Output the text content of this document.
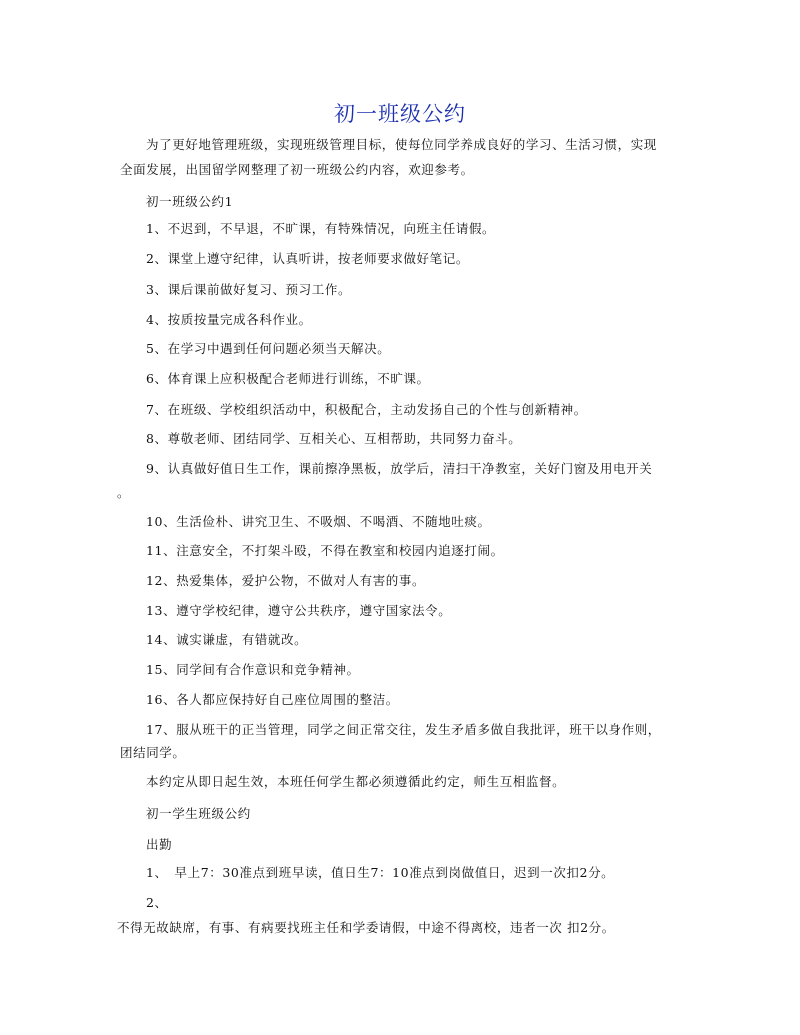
初一班级公约
为了更好地管理班级，实现班级管理目标，使每位同学养成良好的学习、生活习惯，实现
全面发展，出国留学网整理了初一班级公约内容，欢迎参考。
初一班级公约1
1、不迟到，不早退，不旷课，有特殊情况，向班主任请假。
2、课堂上遵守纪律，认真听讲，按老师要求做好笔记。
3、课后课前做好复习、预习工作。
4、按质按量完成各科作业。
5、在学习中遇到任何问题必须当天解决。
6、体育课上应积极配合老师进行训练，不旷课。
7、在班级、学校组织活动中，积极配合，主动发扬自己的个性与创新精神。
8、尊敬老师、团结同学、互相关心、互相帮助，共同努力奋斗。
9、认真做好值日生工作，课前擦净黑板，放学后，清扫干净教室，关好门窗及用电开关
。
10、生活俭朴、讲究卫生、不吸烟、不喝酒、不随地吐痰。
11、注意安全，不打架斗殴，不得在教室和校园内追逐打闹。
12、热爱集体，爱护公物，不做对人有害的事。
13、遵守学校纪律，遵守公共秩序，遵守国家法令。
14、诚实谦虚，有错就改。
15、同学间有合作意识和竞争精神。
16、各人都应保持好自己座位周围的整洁。
17、服从班干的正当管理，同学之间正常交往，发生矛盾多做自我批评，班干以身作则，
团结同学。
本约定从即日起生效，本班任何学生都必须遵循此约定，师生互相监督。
初一学生班级公约
出勤
1、　早上7：30准点到班早读，值日生7：10准点到岗做值日，迟到一次扣2分。
2、
不得无故缺席，有事、有病要找班主任和学委请假，中途不得离校，违者一次 扣2分。
